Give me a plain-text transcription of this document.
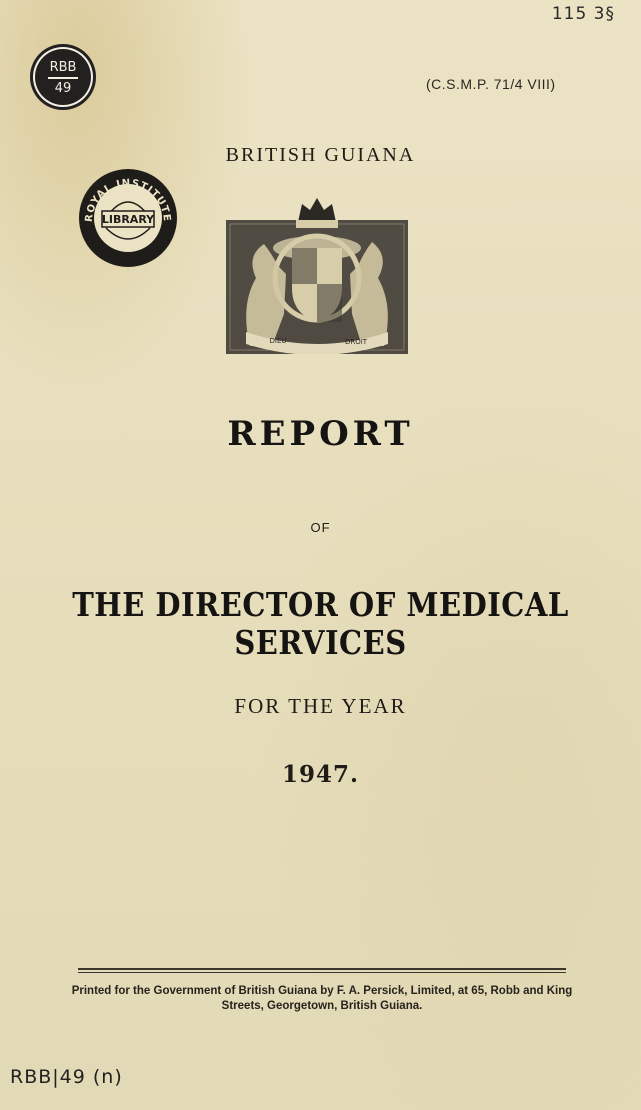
115 3§
RBB
49	(C.S.M.P. 71/4 VIII)
BRITISH GUIANA
LIBRARY
ROYAL INSTITUTE
DIEU	DROIT
REPORT
OF
THE DIRECTOR OF MEDICAL SERVICES
FOR THE YEAR
1947.
Printed for the Government of British Guiana by F. A. Persick, Limited, at 65, Robb and King
Streets, Georgetown, British Guiana.
RBB|49 (n)
